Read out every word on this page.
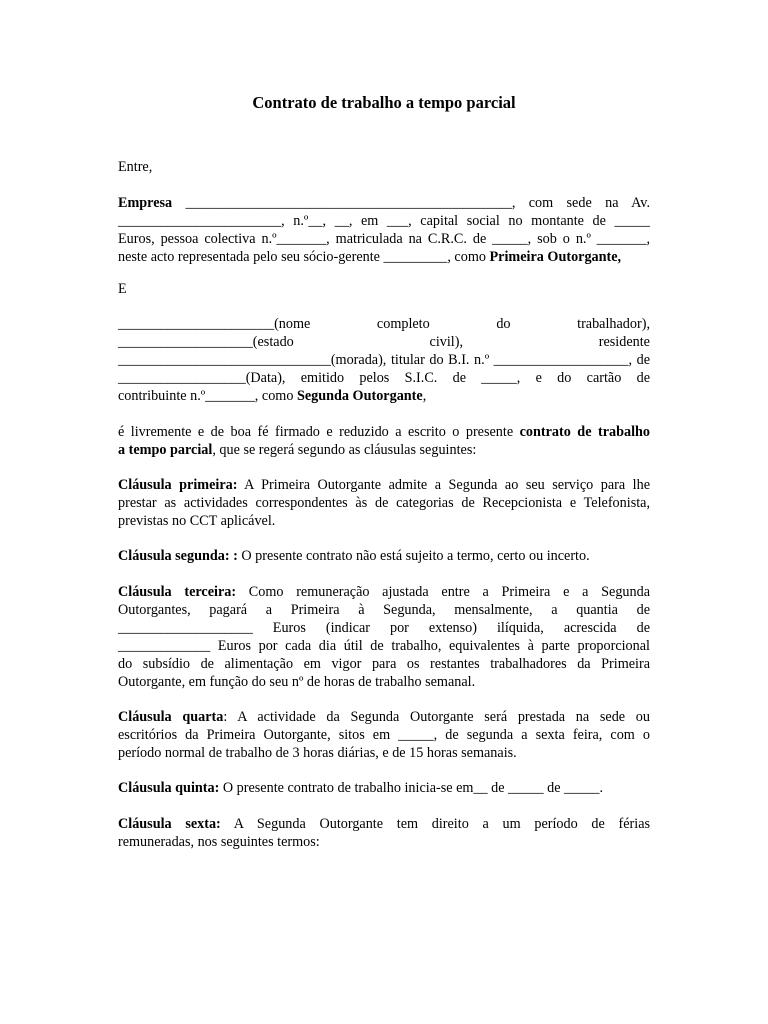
Contrato de trabalho a tempo parcial
Entre,
Empresa ______________________________________________, com sede na Av.
_______________________, n.º__, __, em ___, capital social no montante de _____
Euros, pessoa colectiva n.º_______, matriculada na C.R.C. de _____, sob o n.º _______,
neste acto representada pelo seu sócio-gerente _________, como Primeira Outorgante,
E
______________________(nome	completo	do	trabalhador),
___________________(estado	civil),	residente
______________________________(morada), titular do B.I. n.º ___________________, de
__________________(Data), emitido pelos S.I.C. de _____, e do cartão de
contribuinte n.º_______, como Segunda Outorgante,
é livremente e de boa fé firmado e reduzido a escrito o presente contrato de trabalho
a tempo parcial, que se regerá segundo as cláusulas seguintes:
Cláusula primeira: A Primeira Outorgante admite a Segunda ao seu serviço para lhe
prestar as actividades correspondentes às de categorias de Recepcionista e Telefonista,
previstas no CCT aplicável.
Cláusula segunda: : O presente contrato não está sujeito a termo, certo ou incerto.
Cláusula terceira: Como remuneração ajustada entre a Primeira e a Segunda
Outorgantes, pagará a Primeira à Segunda, mensalmente, a quantia de
___________________ Euros (indicar por extenso) ilíquida, acrescida de
_____________ Euros por cada dia útil de trabalho, equivalentes à parte proporcional
do subsídio de alimentação em vigor para os restantes trabalhadores da Primeira
Outorgante, em função do seu nº de horas de trabalho semanal.
Cláusula quarta: A actividade da Segunda Outorgante será prestada na sede ou
escritórios da Primeira Outorgante, sitos em _____, de segunda a sexta feira, com o
período normal de trabalho de 3 horas diárias, e de 15 horas semanais.
Cláusula quinta: O presente contrato de trabalho inicia-se em__ de _____ de _____.
Cláusula sexta: A Segunda Outorgante tem direito a um período de férias
remuneradas, nos seguintes termos:
